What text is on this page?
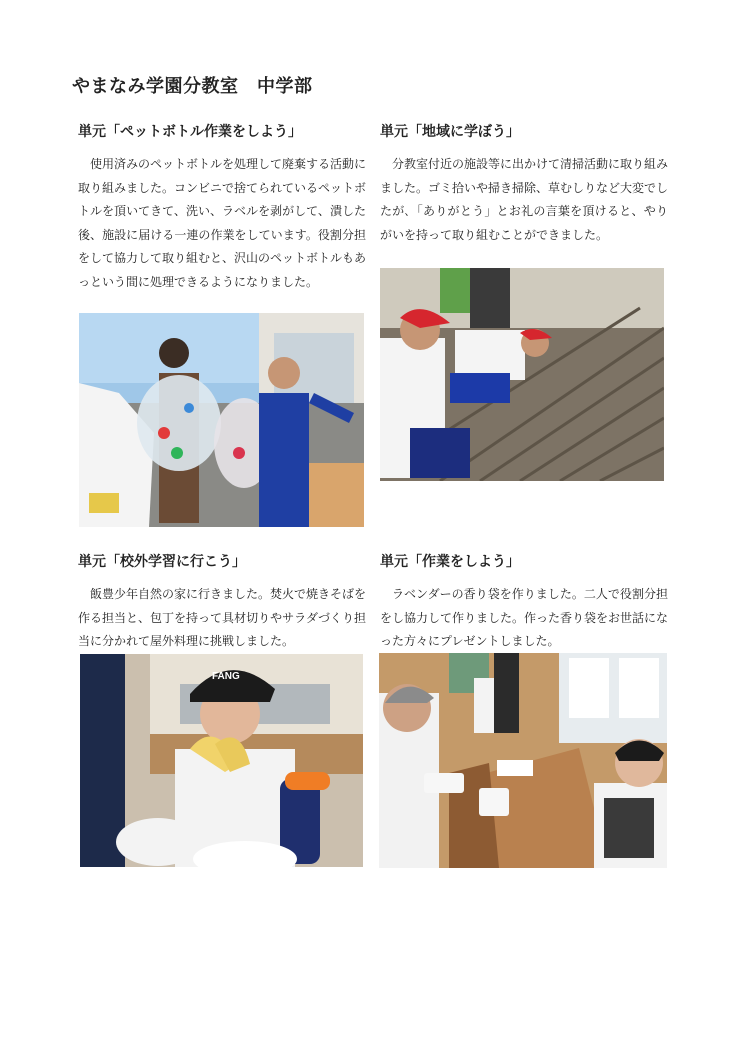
やまなみ学園分教室　中学部
単元「ペットボトル作業をしよう」

使用済みのペットボトルを処理して廃棄する活動に取り組みました。コンビニで捨てられているペットボトルを頂いてきて、洗い、ラベルを剥がして、潰した後、施設に届ける一連の作業をしています。役割分担をして協力して取り組むと、沢山のペットボトルもあっという間に処理できるようになりました。

単元「地域に学ぼう」

分教室付近の施設等に出かけて清掃活動に取り組みました。ゴミ拾いや掃き掃除、草むしりなど大変でしたが､「ありがとう」とお礼の言葉を頂けると、やりがいを持って取り組むことができました。

単元「校外学習に行こう」

飯豊少年自然の家に行きました。焚火で焼きそばを作る担当と、包丁を持って具材切りやサラダづくり担当に分かれて屋外料理に挑戦しました。

単元「作業をしよう」

ラベンダーの香り袋を作りました。二人で役割分担をし協力して作りました。作った香り袋をお世話になった方々にプレゼントしました。

FANG
